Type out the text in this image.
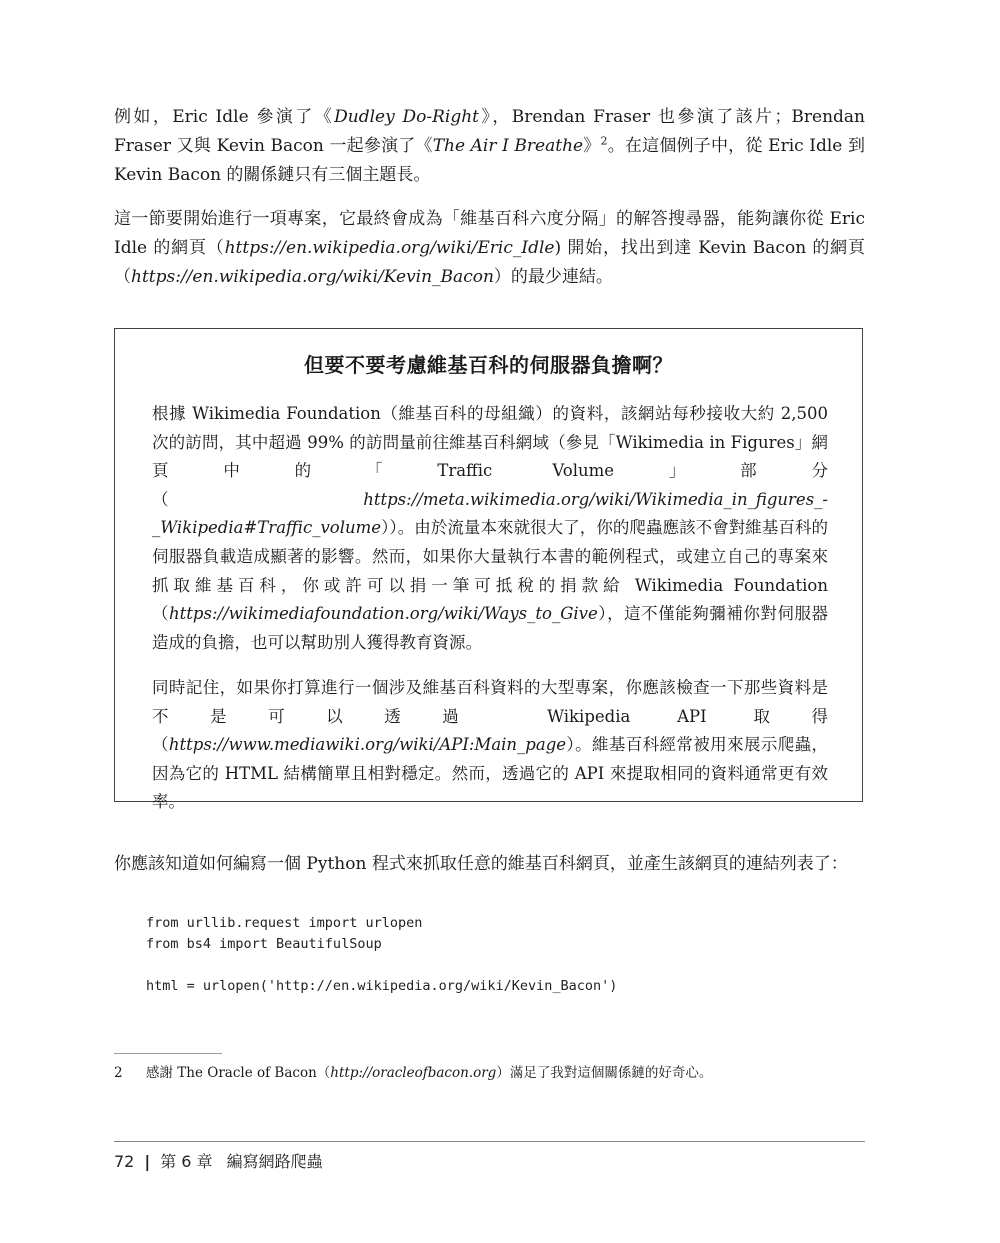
例如，Eric Idle 參演了《Dudley Do-Right》，Brendan Fraser 也參演了該片；Brendan Fraser 又與 Kevin Bacon 一起參演了《The Air I Breathe》$^2$。在這個例子中，從 Eric Idle 到 Kevin Bacon 的關係鏈只有三個主題長。

這一節要開始進行一項專案，它最終會成為「維基百科六度分隔」的解答搜尋器，能夠讓你從 Eric Idle 的網頁（https://en.wikipedia.org/wiki/Eric_Idle) 開始，找出到達 Kevin Bacon 的網頁（https://en.wikipedia.org/wiki/Kevin_Bacon）的最少連結。

你應該知道如何編寫一個 Python 程式來抓取任意的維基百科網頁，並產生該網頁的連結列表了：

但要不要考慮維基百科的伺服器負擔啊？

根據 Wikimedia Foundation（維基百科的母組織）的資料，該網站每秒接收大約 2,500 次的訪問，其中超過 99% 的訪問量前往維基百科網域（參見「Wikimedia in Figures」網頁中的「Traffic Volume」部分（https://meta.wikimedia.org/wiki/Wikimedia_in_figures_-_Wikipedia#Traffic_volume））。由於流量本來就很大了，你的爬蟲應該不會對維基百科的伺服器負載造成顯著的影響。然而，如果你大量執行本書的範例程式，或建立自己的專案來抓取維基百科，你或許可以捐一筆可抵稅的捐款給 Wikimedia Foundation（https://wikimediafoundation.org/wiki/Ways_to_Give），這不僅能夠彌補你對伺服器造成的負擔，也可以幫助別人獲得教育資源。

同時記住，如果你打算進行一個涉及維基百科資料的大型專案，你應該檢查一下那些資料是不是可以透過 Wikipedia API 取得（https://www.mediawiki.org/wiki/API:Main_page）。維基百科經常被用來展示爬蟲，因為它的 HTML 結構簡單且相對穩定。然而，透過它的 API 來提取相同的資料通常更有效率。

from urllib.request import urlopen
from bs4 import BeautifulSoup

html = urlopen('http://en.wikipedia.org/wiki/Kevin_Bacon')
2 感謝 The Oracle of Bacon（http://oracleofbacon.org）滿足了我對這個關係鏈的好奇心。
72 | 第 6 章 編寫網路爬蟲
